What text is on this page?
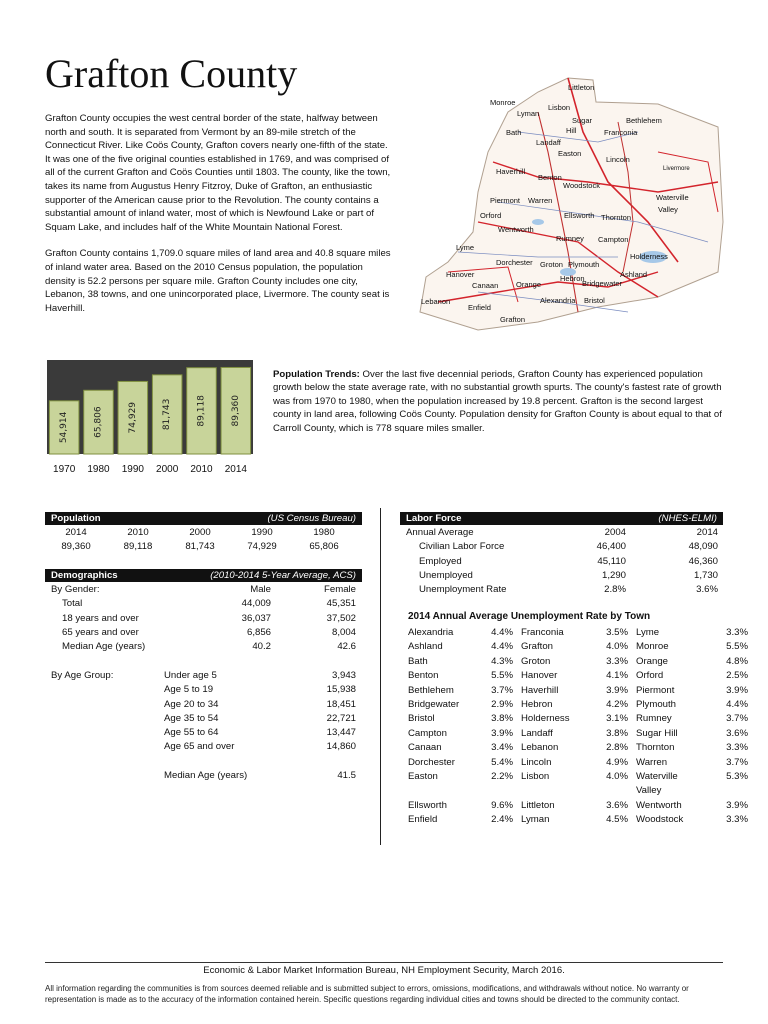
Grafton County

Grafton County occupies the west central border of the state, halfway between north and south. It is separated from Vermont by an 89-mile stretch of the Connecticut River. Like Coös County, Grafton covers nearly one-fifth of the state. It was one of the five original counties established in 1769, and was comprised of all of the current Grafton and Coös Counties until 1803. The county, like the town, takes its name from Augustus Henry Fitzroy, Duke of Grafton, an enthusiastic supporter of the American cause prior to the Revolution. The county contains a substantial amount of inland water, most of which is Newfound Lake or part of Squam Lake, and includes half of the White Mountain National Forest.

Grafton County contains 1,709.0 square miles of land area and 40.8 square miles of inland water area. Based on the 2010 Census population, the population density is 52.2 persons per square mile. Grafton County includes one city, Lebanon, 38 towns, and one unincorporated place, Livermore. The county seat is Haverhill.

Littleton
Monroe
Lyman
Lisbon
Sugar
Hill
Bethlehem
Franconia
Bath
Landaff
Easton
Lincoln
Livermore
Haverhill
Benton
Woodstock
Piermont Warren	Waterville
Valley
Orford
Wentworth
Ellsworth Thornton
Lyme
Rumney Campton
Dorchester Groton Plymouth
Holderness
Hanover	Hebron	Ashland
Canaan Orange	Bridgewater
Alexandria Bristol
Lebanon
Enfield
Grafton
54,914
1970
65,806
1980
74,929
1990
81,743
2000
89,118
2010
89,360
2014
Population Trends: Over the last five decennial periods, Grafton County has experienced population growth below the state average rate, with no substantial growth spurts. The county's fastest rate of growth was from 1970 to 1980, when the population increased by 19.8 percent. Grafton is the second largest county in land area, following Coös County. Population density for Grafton County is about equal to that of Carroll County, which is 778 square miles smaller.
Population	(US Census Bureau)
2014	2010	2000	1990	1980
89,360	89,118	81,743	74,929	65,806
Demographics	(2010-2014 5-Year Average, ACS)
By Gender:	Male	Female
Total	44,009	45,351
18 years and over	36,037	37,502
65 years and over	6,856	8,004
Median Age (years)	40.2	42.6
By Age Group:	Under age 5	3,943
	Age 5 to 19	15,938
	Age 20 to 34	18,451
	Age 35 to 54	22,721
	Age 55 to 64	13,447
	Age 65 and over	14,860

	Median Age (years)	41.5
Labor Force	(NHES-ELMI)
Annual Average	2004	2014
Civilian Labor Force	46,400	48,090
Employed	45,110	46,360
Unemployed	1,290	1,730
Unemployment Rate	2.8%	3.6%
2014 Annual Average Unemployment Rate by Town
Alexandria	4.4%	Franconia	3.5%	Lyme	3.3%
Ashland	4.4%	Grafton	4.0%	Monroe	5.5%
Bath	4.3%	Groton	3.3%	Orange	4.8%
Benton	5.5%	Hanover	4.1%	Orford	2.5%
Bethlehem	3.7%	Haverhill	3.9%	Piermont	3.9%
Bridgewater	2.9%	Hebron	4.2%	Plymouth	4.4%
Bristol	3.8%	Holderness	3.1%	Rumney	3.7%
Campton	3.9%	Landaff	3.8%	Sugar Hill	3.6%
Canaan	3.4%	Lebanon	2.8%	Thornton	3.3%
Dorchester	5.4%	Lincoln	4.9%	Warren	3.7%
Easton	2.2%	Lisbon	4.0%	Waterville Valley	5.3%
Ellsworth	9.6%	Littleton	3.6%	Wentworth	3.9%
Enfield	2.4%	Lyman	4.5%	Woodstock	3.3%
Economic & Labor Market Information Bureau, NH Employment Security, March 2016.
All information regarding the communities is from sources deemed reliable and is submitted subject to errors, omissions, modifications, and withdrawals without notice. No warranty or representation is made as to the accuracy of the information contained herein. Specific questions regarding individual cities and towns should be directed to the community contact.
